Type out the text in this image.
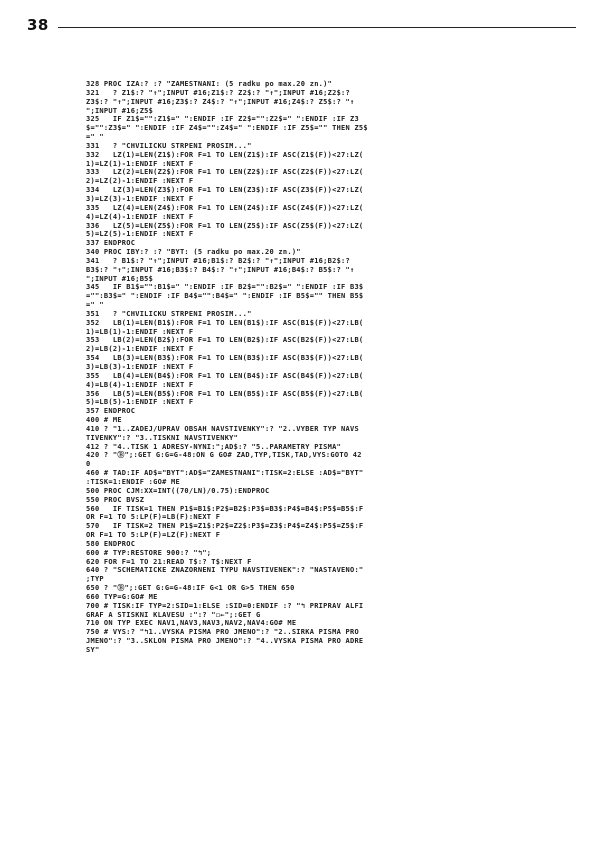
38
328 PROC IZA:? :? "ZAMESTNANI: (5 radku po max.20 zn.)"
321   ? Z1$:? "↑";INPUT #16;Z1$:? Z2$:? "↑";INPUT #16;Z2$:?
Z3$:? "↑";INPUT #16;Z3$:? Z4$:? "↑";INPUT #16;Z4$:? Z5$:? "↑
";INPUT #16;Z5$
325   IF Z1$="":Z1$=" ":ENDIF :IF Z2$="":Z2$=" ":ENDIF :IF Z3
$="":Z3$=" ":ENDIF :IF Z4$="":Z4$=" ":ENDIF :IF Z5$="" THEN Z5$
=" "
331   ? "CHVILICKU STRPENI PROSIM..."
332   LZ(1)=LEN(Z1$):FOR F=1 TO LEN(Z1$):IF ASC(Z1$(F))<27:LZ(
1)=LZ(1)-1:ENDIF :NEXT F
333   LZ(2)=LEN(Z2$):FOR F=1 TO LEN(Z2$):IF ASC(Z2$(F))<27:LZ(
2)=LZ(2)-1:ENDIF :NEXT F
334   LZ(3)=LEN(Z3$):FOR F=1 TO LEN(Z3$):IF ASC(Z3$(F))<27:LZ(
3)=LZ(3)-1:ENDIF :NEXT F
335   LZ(4)=LEN(Z4$):FOR F=1 TO LEN(Z4$):IF ASC(Z4$(F))<27:LZ(
4)=LZ(4)-1:ENDIF :NEXT F
336   LZ(5)=LEN(Z5$):FOR F=1 TO LEN(Z5$):IF ASC(Z5$(F))<27:LZ(
5)=LZ(5)-1:ENDIF :NEXT F
337 ENDPROC
340 PROC IBY:? :? "BYT: (5 radku po max.20 zn.)"
341   ? B1$:? "↑";INPUT #16;B1$:? B2$:? "↑";INPUT #16;B2$:?
B3$:? "↑";INPUT #16;B3$:? B4$:? "↑";INPUT #16;B4$:? B5$:? "↑
";INPUT #16;B5$
345   IF B1$="":B1$=" ":ENDIF :IF B2$="":B2$=" ":ENDIF :IF B3$
="":B3$=" ":ENDIF :IF B4$="":B4$=" ":ENDIF :IF B5$="" THEN B5$
=" "
351   ? "CHVILICKU STRPENI PROSIM..."
352   LB(1)=LEN(B1$):FOR F=1 TO LEN(B1$):IF ASC(B1$(F))<27:LB(
1)=LB(1)-1:ENDIF :NEXT F
353   LB(2)=LEN(B2$):FOR F=1 TO LEN(B2$):IF ASC(B2$(F))<27:LB(
2)=LB(2)-1:ENDIF :NEXT F
354   LB(3)=LEN(B3$):FOR F=1 TO LEN(B3$):IF ASC(B3$(F))<27:LB(
3)=LB(3)-1:ENDIF :NEXT F
355   LB(4)=LEN(B4$):FOR F=1 TO LEN(B4$):IF ASC(B4$(F))<27:LB(
4)=LB(4)-1:ENDIF :NEXT F
356   LB(5)=LEN(B5$):FOR F=1 TO LEN(B5$):IF ASC(B5$(F))<27:LB(
5)=LB(5)-1:ENDIF :NEXT F
357 ENDPROC
400 # ME
410 ? "1..ZADEJ/UPRAV OBSAH NAVSTIVENKY":? "2..VYBER TYP NAVS
TIVENKY":? "3..TISKNI NAVSTIVENKY"
412 ? "4..TISK 1 ADRESY-NYNI:";AD$:? "5..PARAMETRY PISMA"
420 ? "Ⓑ";:GET G:G=G-48:ON G GO# ZAD,TYP,TISK,TAD,VYS:GOTO 42
0
460 # TAD:IF AD$="BYT":AD$="ZAMESTNANI":TISK=2:ELSE :AD$="BYT"
:TISK=1:ENDIF :GO# ME
500 PROC CJM:XX=INT((70/LN)/0.75):ENDPROC
550 PROC BVSZ
560   IF TISK=1 THEN P1$=B1$:P2$=B2$:P3$=B3$:P4$=B4$:P5$=B5$:F
OR F=1 TO 5:LP(F)=LB(F):NEXT F
570   IF TISK=2 THEN P1$=Z1$:P2$=Z2$:P3$=Z3$:P4$=Z4$:P5$=Z5$:F
OR F=1 TO 5:LP(F)=LZ(F):NEXT F
580 ENDPROC
600 # TYP:RESTORE 900:? "↰";
620 FOR F=1 TO 21:READ T$:? T$:NEXT F
640 ? "SCHEMATICKE ZNAZORNENI TYPU NAVSTIVENEK":? "NASTAVENO:"
;TYP
650 ? "Ⓑ";:GET G:G=G-48:IF G<1 OR G>5 THEN 650
660 TYP=G:GO# ME
700 # TISK:IF TYP=2:SID=1:ELSE :SID=0:ENDIF :? "↰ PRIPRAV ALFI
GRAF A STISKNI KLAVESU :":? "◻←";:GET G
710 ON TYP EXEC NAV1,NAV3,NAV3,NAV2,NAV4:GO# ME
750 # VYS:? "↰1..VYSKA PISMA PRO JMENO":? "2..SIRKA PISMA PRO
JMENO":? "3..SKLON PISMA PRO JMENO":? "4..VYSKA PISMA PRO ADRE
SY"
